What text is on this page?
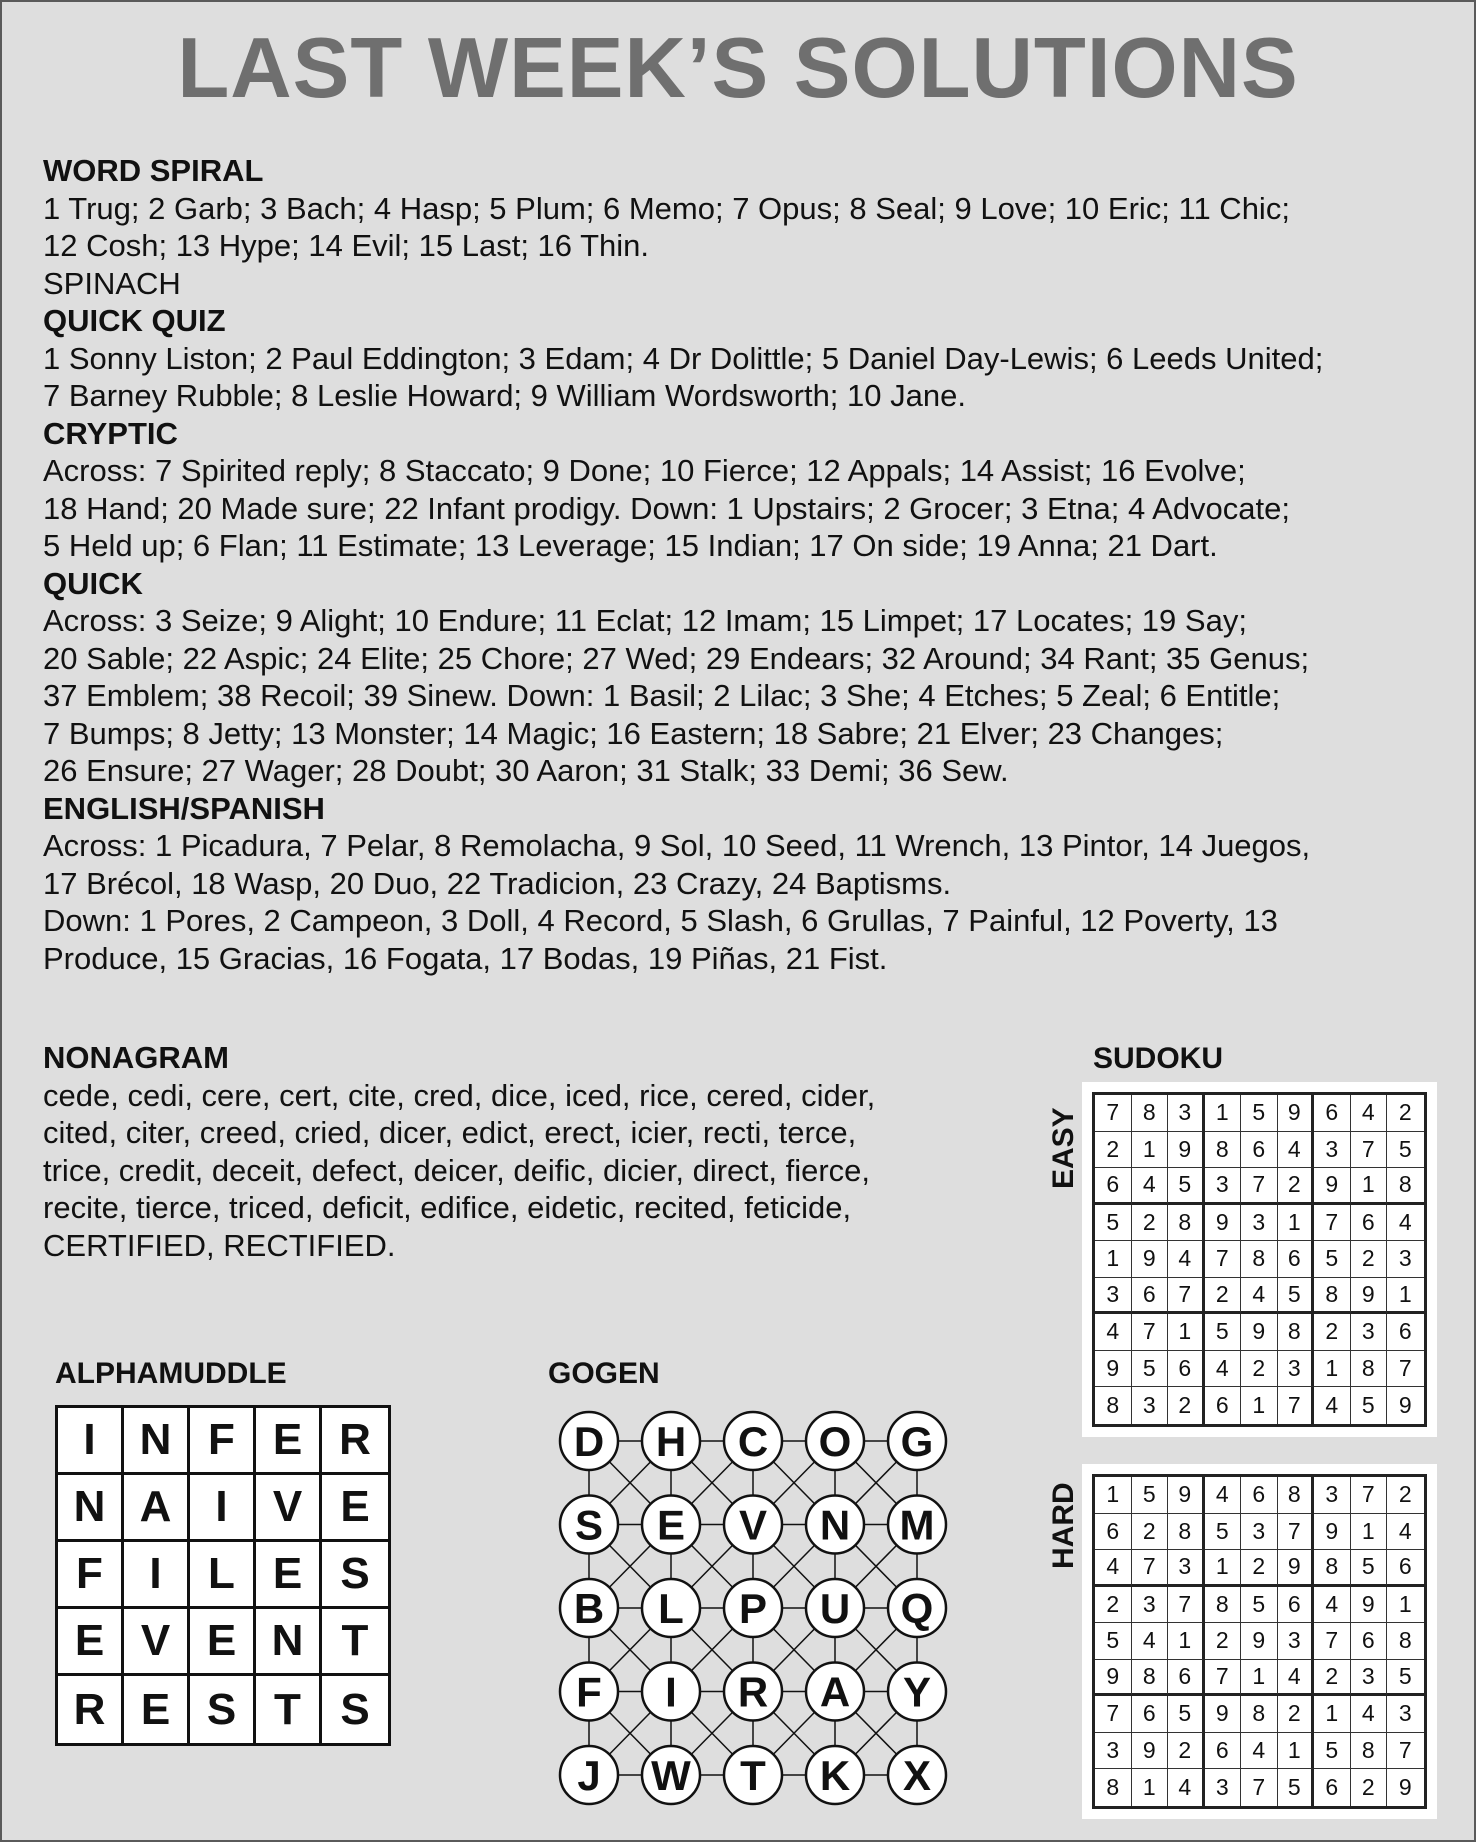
LAST WEEK’S SOLUTIONS
WORD SPIRAL
1 Trug; 2 Garb; 3 Bach; 4 Hasp; 5 Plum; 6 Memo; 7 Opus; 8 Seal; 9 Love; 10 Eric; 11 Chic;
12 Cosh; 13 Hype; 14 Evil; 15 Last; 16 Thin.
SPINACH
QUICK QUIZ
1 Sonny Liston; 2 Paul Eddington; 3 Edam; 4 Dr Dolittle; 5 Daniel Day-Lewis; 6 Leeds United;
7 Barney Rubble; 8 Leslie Howard; 9 William Wordsworth; 10 Jane.
CRYPTIC
Across: 7 Spirited reply; 8 Staccato; 9 Done; 10 Fierce; 12 Appals; 14 Assist; 16 Evolve;
18 Hand; 20 Made sure; 22 Infant prodigy. Down: 1 Upstairs; 2 Grocer; 3 Etna; 4 Advocate;
5 Held up; 6 Flan; 11 Estimate; 13 Leverage; 15 Indian; 17 On side; 19 Anna; 21 Dart.
QUICK
Across: 3 Seize; 9 Alight; 10 Endure; 11 Eclat; 12 Imam; 15 Limpet; 17 Locates; 19 Say;
20 Sable; 22 Aspic; 24 Elite; 25 Chore; 27 Wed; 29 Endears; 32 Around; 34 Rant; 35 Genus;
37 Emblem; 38 Recoil; 39 Sinew. Down: 1 Basil; 2 Lilac; 3 She; 4 Etches; 5 Zeal; 6 Entitle;
7 Bumps; 8 Jetty; 13 Monster; 14 Magic; 16 Eastern; 18 Sabre; 21 Elver; 23 Changes;
26 Ensure; 27 Wager; 28 Doubt; 30 Aaron; 31 Stalk; 33 Demi; 36 Sew.
ENGLISH/SPANISH
Across: 1 Picadura, 7 Pelar, 8 Remolacha, 9 Sol, 10 Seed, 11 Wrench, 13 Pintor, 14 Juegos,
17 Brécol, 18 Wasp, 20 Duo, 22 Tradicion, 23 Crazy, 24 Baptisms.
Down: 1 Pores, 2 Campeon, 3 Doll, 4 Record, 5 Slash, 6 Grullas, 7 Painful, 12 Poverty, 13
Produce, 15 Gracias, 16 Fogata, 17 Bodas, 19 Piñas, 21 Fist.
NONAGRAM
cede, cedi, cere, cert, cite, cred, dice, iced, rice, cered, cider,
cited, citer, creed, cried, dicer, edict, erect, icier, recti, terce,
trice, credit, deceit, defect, deicer, deific, dicier, direct, fierce,
recite, tierce, triced, deficit, edifice, eidetic, recited, feticide,
CERTIFIED, RECTIFIED.
SUDOKU
EASY	7	8 3	1	5 9	6	4	2
2	1 9	8	6 4	3	7	5
6	4 5	3	7 2	9	1	8
5	2 8	9	3 1	7	6	4
1	9 4	7	8 6	5	2	3
3	6 7	2	4 5	8	9	1
4	7 1	5	9 8	2	3	6
9	5 6	4	2 3	1	8	7
8	3 2	6	1 7	4	5	9
HARD	1	5 9	4	6 8	3	7	2
6	2 8	5	3 7	9	1	4
4	7 3	1	2 9	8	5	6
2	3 7	8	5 6	4	9	1
5	4 1	2	9 3	7	6	8
9	8 6	7	1 4	2	3	5
7	6 5	9	8 2	1	4	3
3	9 2	6	4 1	5	8	7
8	1 4	3	7 5	6	2	9
ALPHAMUDDLE
I	N F E R
N A I	V E
F	I	L E S
E V E N T
R E S T S
GOGEN
D H C O G
S E V N M
B L P U Q
F I R A Y
J W T K X
